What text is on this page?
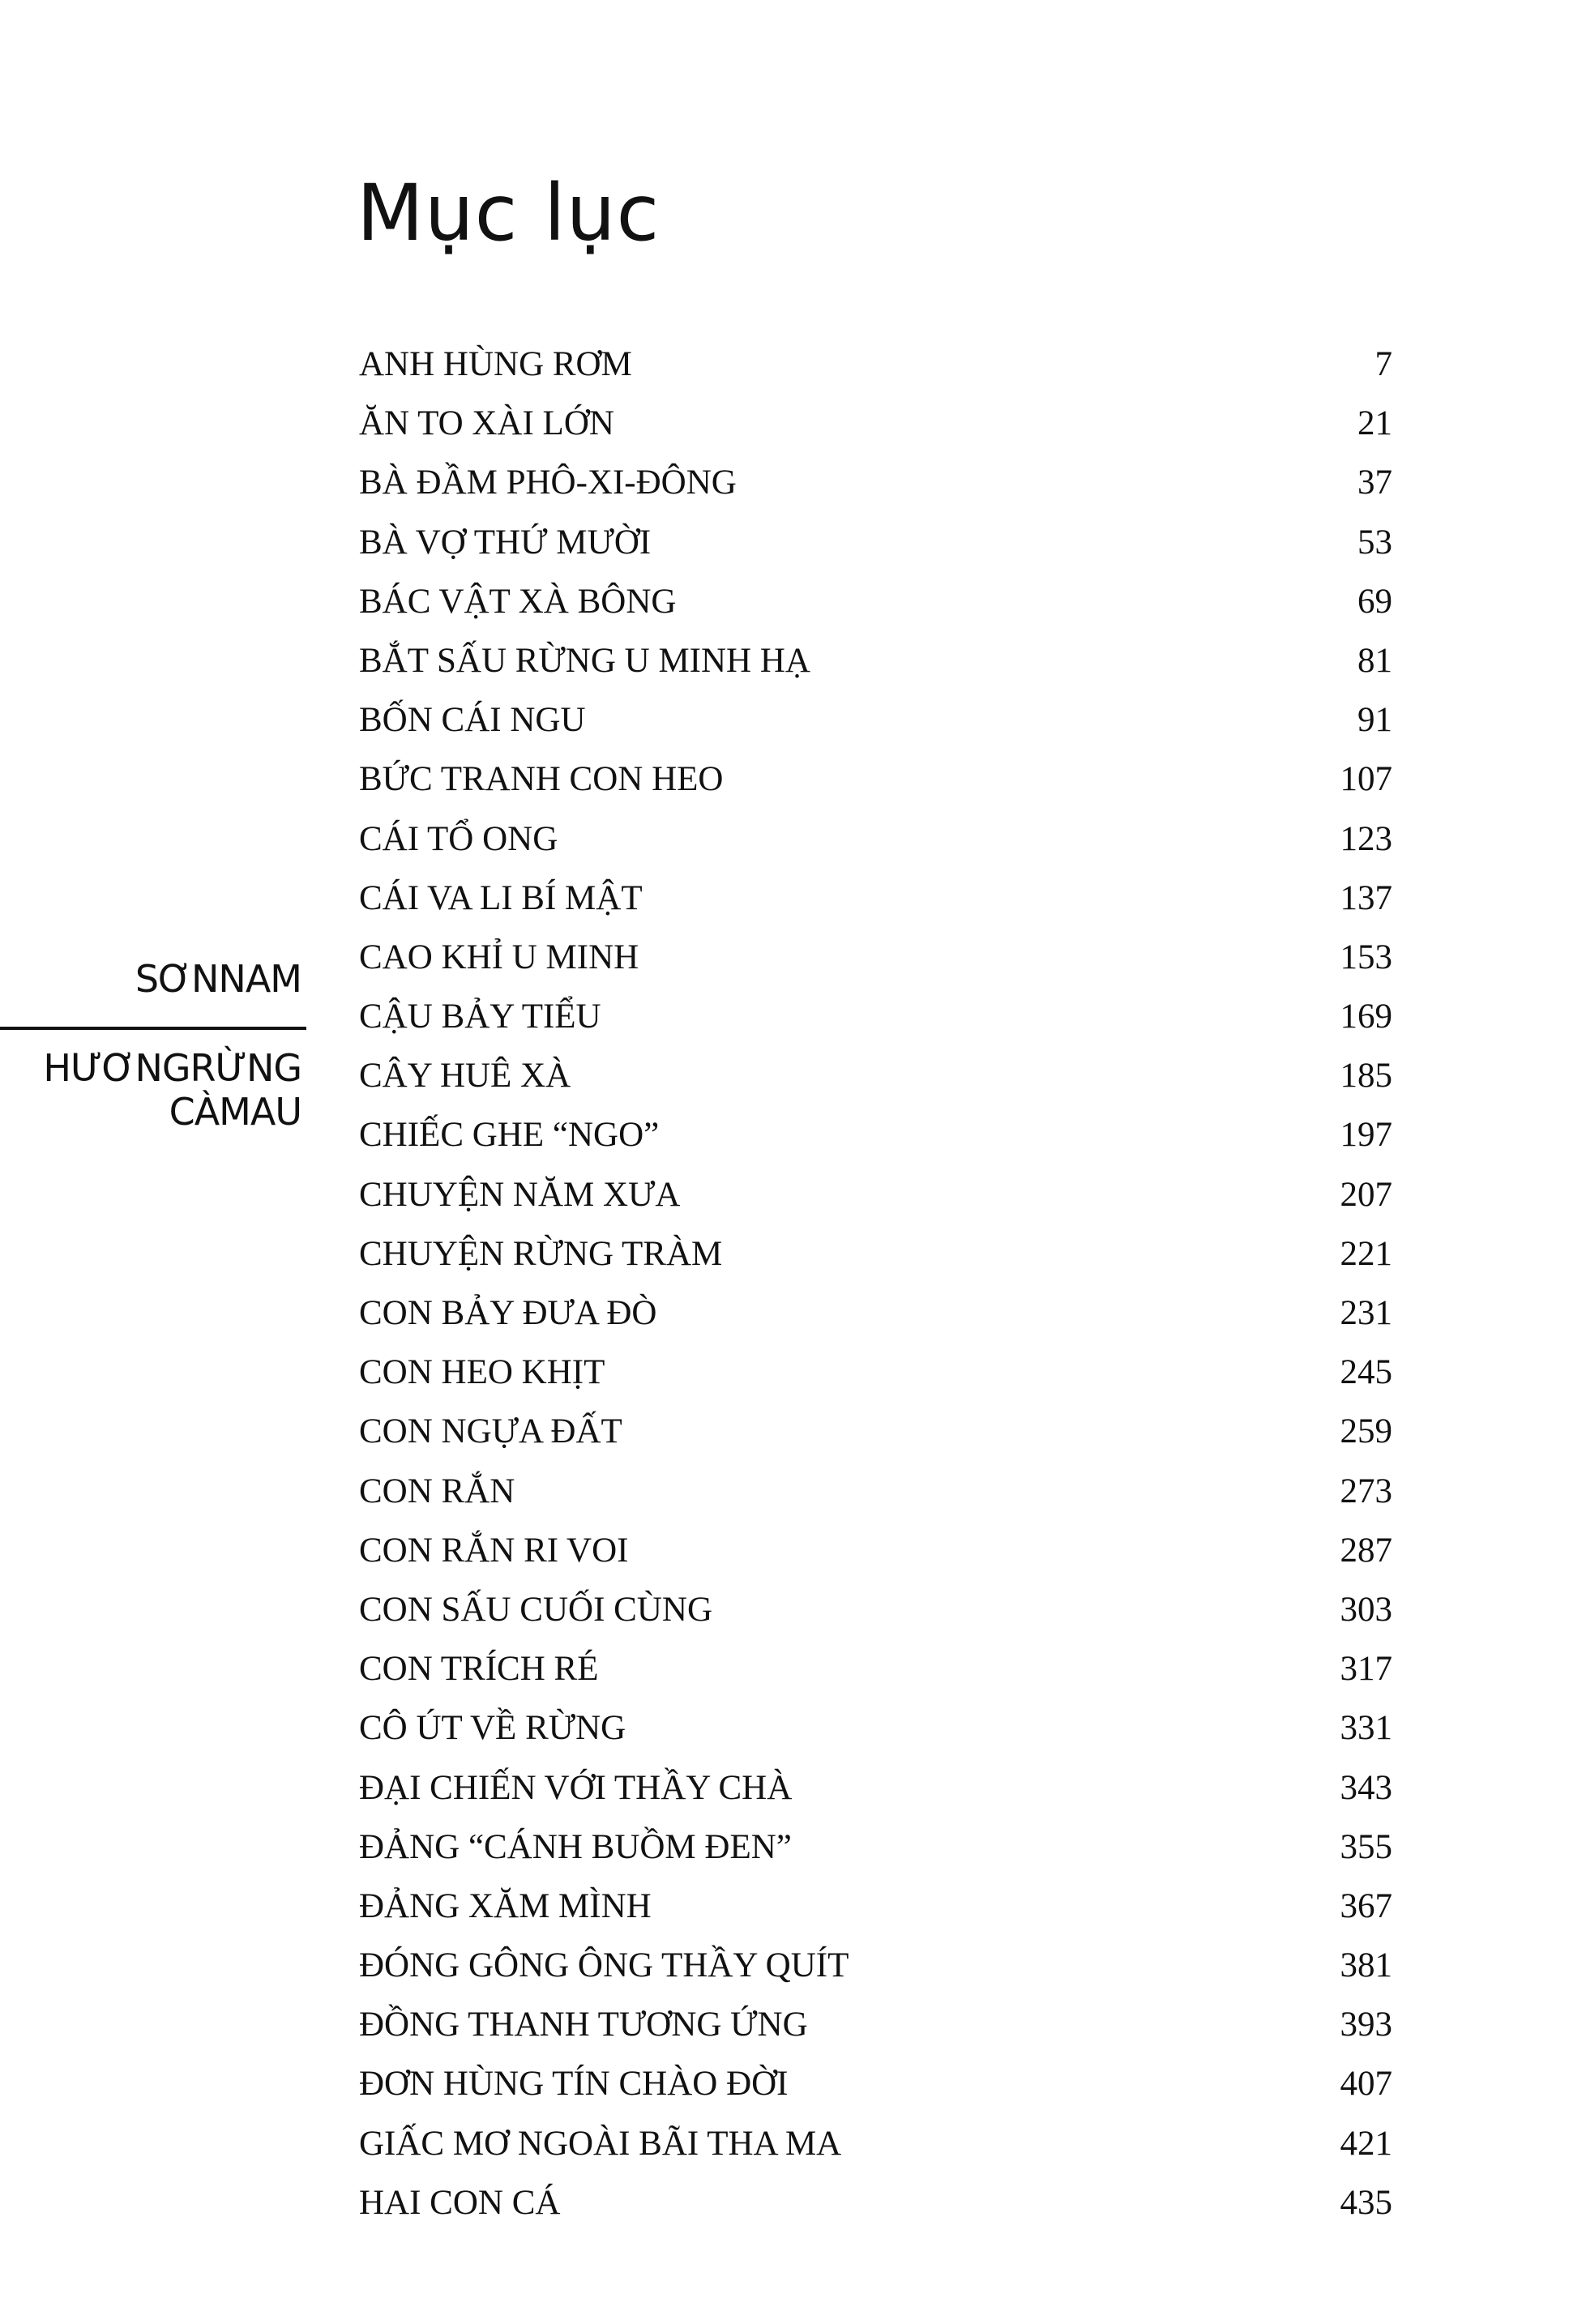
Mục lục
SƠNNAM
HƯƠNGRỪNG
CÀMAU
ANH HÙNG RƠM	7
ĂN TO XÀI LỚN	21
BÀ ĐẦM PHÔ-XI-ĐÔNG	37
BÀ VỢ THỨ MƯỜI	53
BÁC VẬT XÀ BÔNG	69
BẮT SẤU RỪNG U MINH HẠ	81
BỐN CÁI NGU	91
BỨC TRANH CON HEO	107
CÁI TỔ ONG	123
CÁI VA LI BÍ MẬT	137
CAO KHỈ U MINH	153
CẬU BẢY TIỂU	169
CÂY HUÊ XÀ	185
CHIẾC GHE “NGO”	197
CHUYỆN NĂM XƯA	207
CHUYỆN RỪNG TRÀM	221
CON BẢY ĐƯA ĐÒ	231
CON HEO KHỊT	245
CON NGỰA ĐẤT	259
CON RẮN	273
CON RẮN RI VOI	287
CON SẤU CUỐI CÙNG	303
CON TRÍCH RÉ	317
CÔ ÚT VỀ RỪNG	331
ĐẠI CHIẾN VỚI THẦY CHÀ	343
ĐẢNG “CÁNH BUỒM ĐEN”	355
ĐẢNG XĂM MÌNH	367
ĐÓNG GÔNG ÔNG THẦY QUÍT	381
ĐỒNG THANH TƯƠNG ỨNG	393
ĐƠN HÙNG TÍN CHÀO ĐỜI	407
GIẤC MƠ NGOÀI BÃI THA MA	421
HAI CON CÁ	435
